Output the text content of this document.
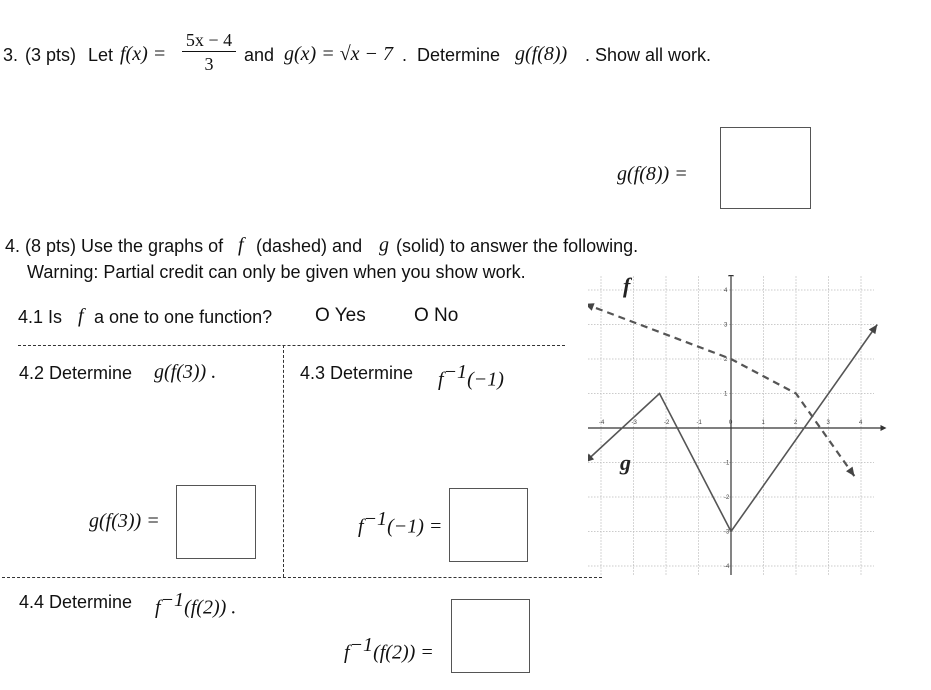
3. (3 pts) Let f(x) =
5x − 4
3	and g(x) = √x − 7 . Determine g(f(8)) . Show all work.
g(f(8)) =
4. (8 pts) Use the graphs of f (dashed) and g (solid) to answer the following.
Warning: Partial credit can only be given when you show work.
4.1 Is f a one to one function? O Yes	O No
4.2 Determine g(f(3)) .
g(f(3)) =
4.3 Determine $f^{-1}(-1)$
$f^{-1}(-1)$ =
4.4 Determine $f^{-1}(f(2))$ .
$f^{-1}(f(2))$ =
-4	-3	-2	-1	0	1	2	3	4
4
3
2
1
-1
-2
-3
-4
f
g
